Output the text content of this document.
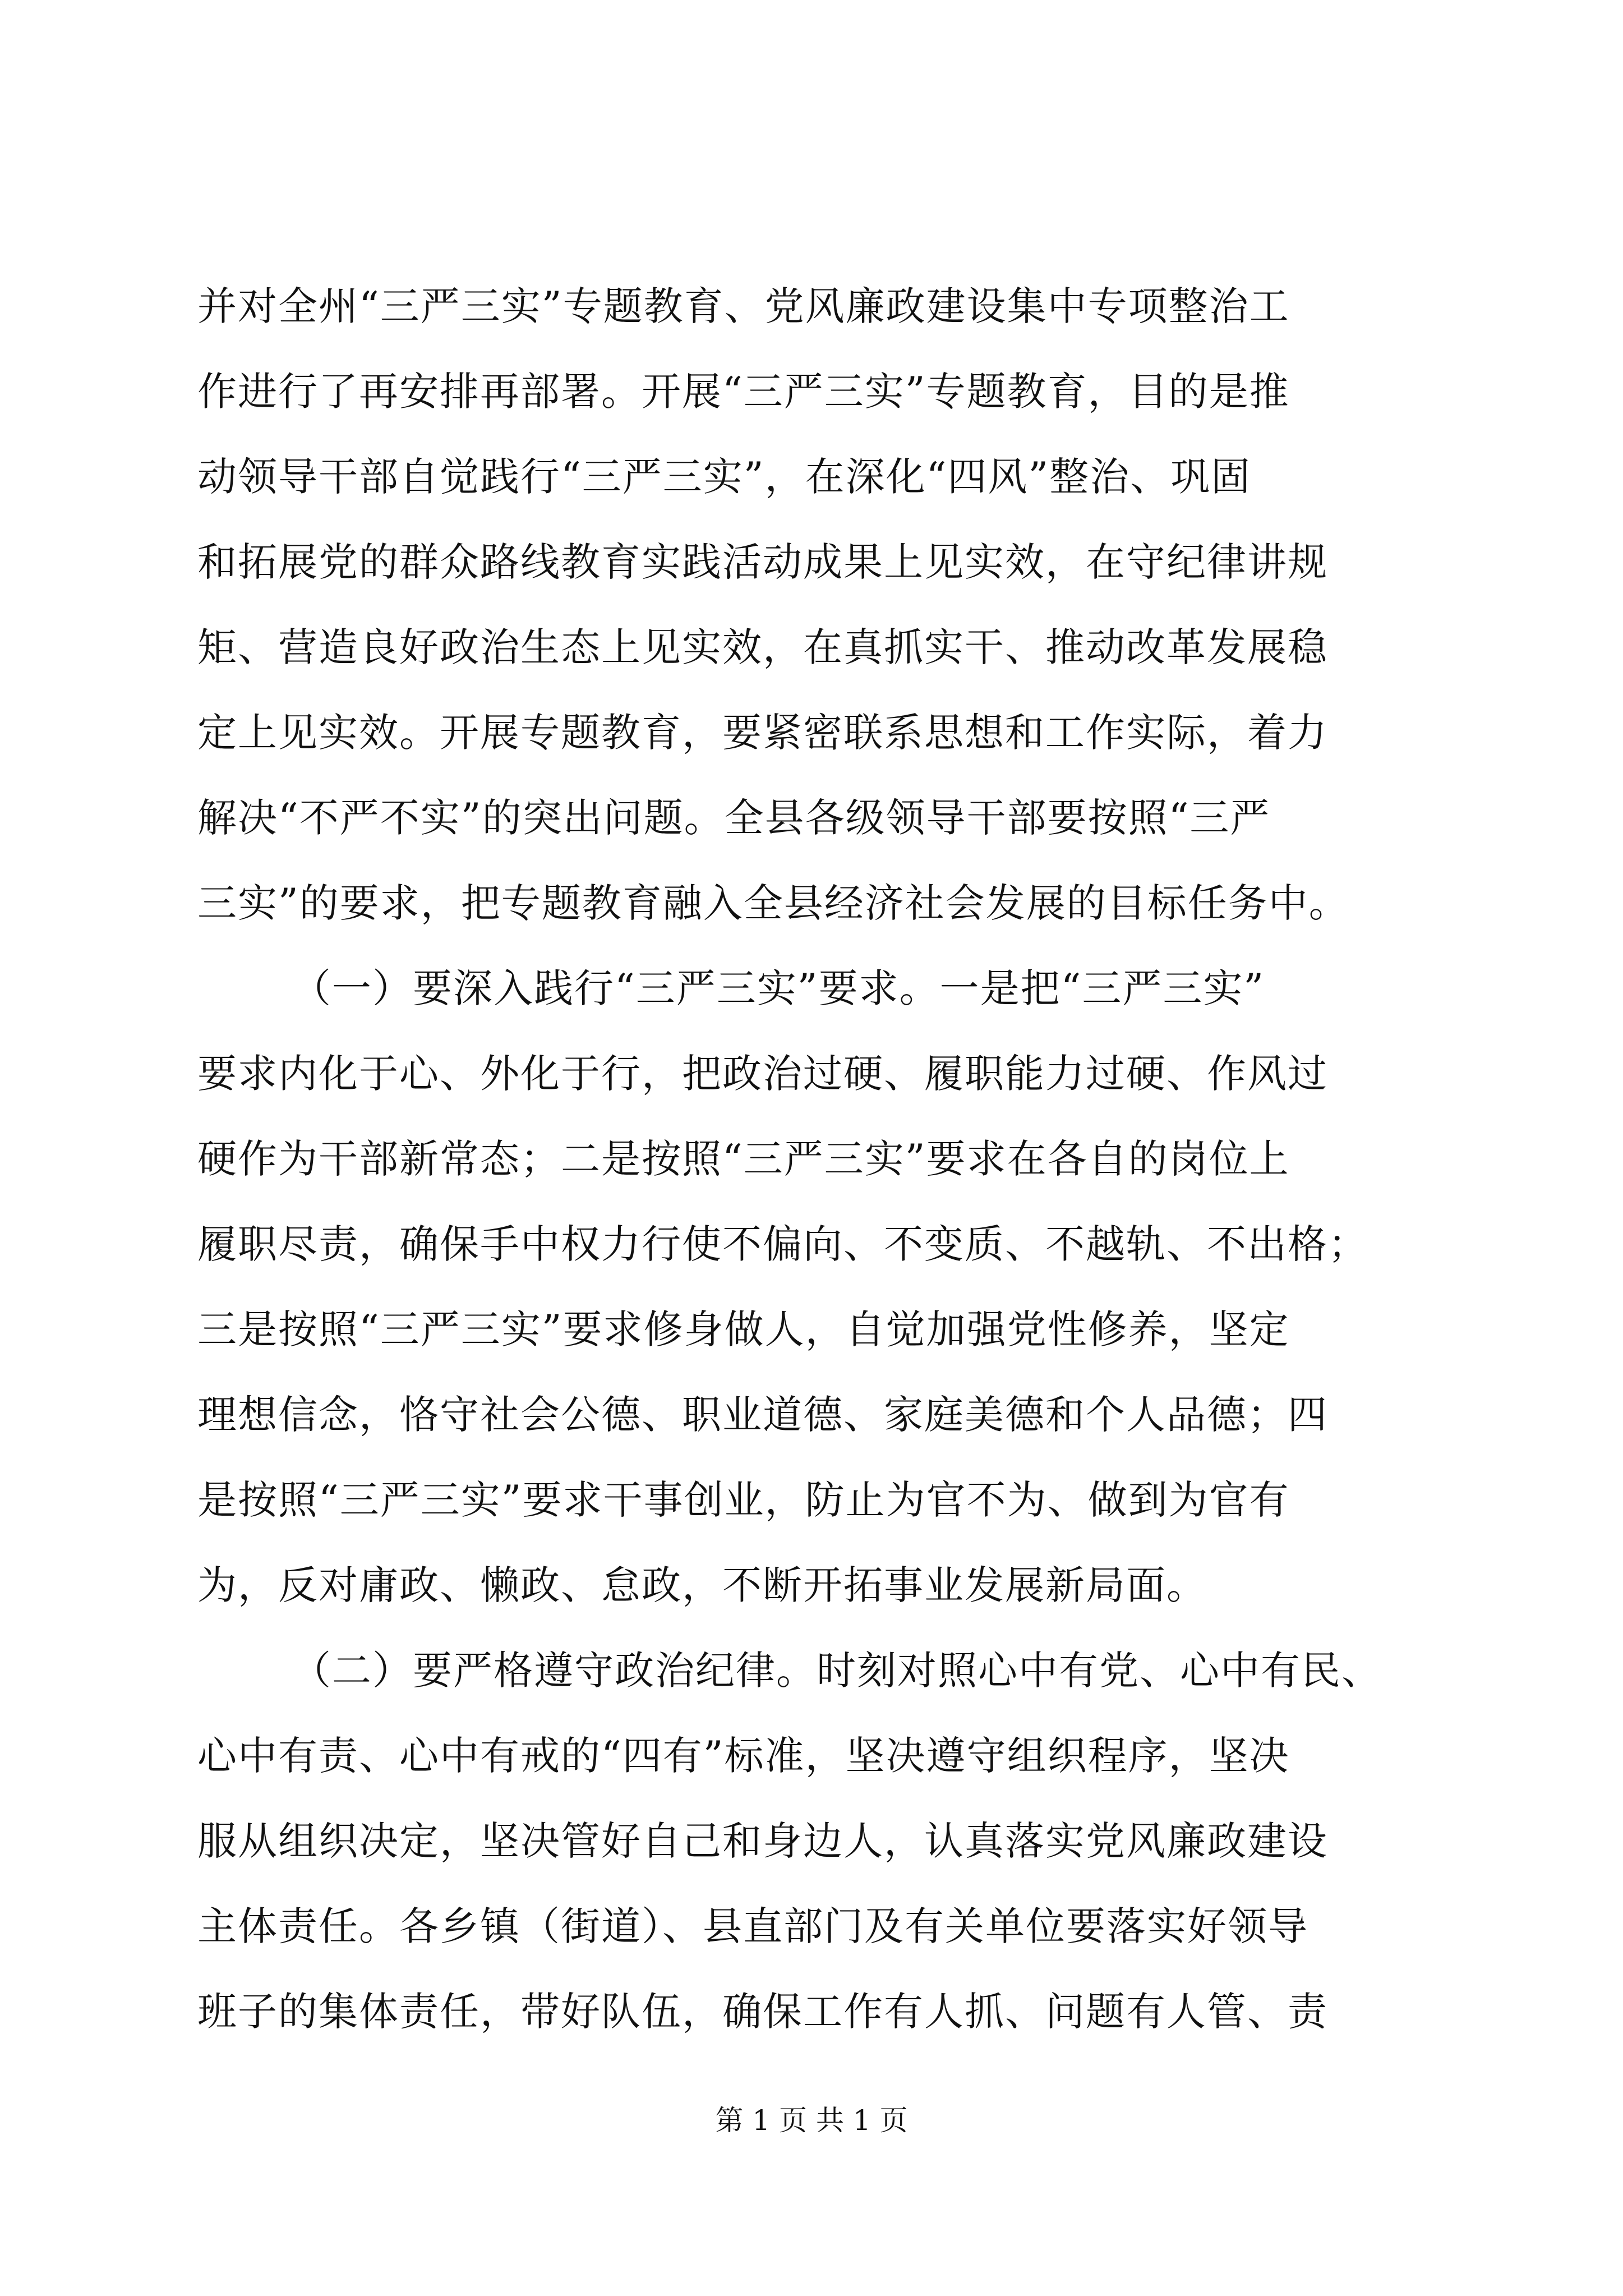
并对全州“三严三实”专题教育、党风廉政建设集中专项整治工
作进行了再安排再部署。开展“三严三实”专题教育，目的是推
动领导干部自觉践行“三严三实”，在深化“四风”整治、巩固
和拓展党的群众路线教育实践活动成果上见实效，在守纪律讲规
矩、营造良好政治生态上见实效，在真抓实干、推动改革发展稳
定上见实效。开展专题教育，要紧密联系思想和工作实际，着力
解决“不严不实”的突出问题。全县各级领导干部要按照“三严
三实”的要求，把专题教育融入全县经济社会发展的目标任务中。
（一）要深入践行“三严三实”要求。一是把“三严三实”
要求内化于心、外化于行，把政治过硬、履职能力过硬、作风过
硬作为干部新常态；二是按照“三严三实”要求在各自的岗位上
履职尽责，确保手中权力行使不偏向、不变质、不越轨、不出格；
三是按照“三严三实”要求修身做人，自觉加强党性修养，坚定
理想信念，恪守社会公德、职业道德、家庭美德和个人品德；四
是按照“三严三实”要求干事创业，防止为官不为、做到为官有
为，反对庸政、懒政、怠政，不断开拓事业发展新局面。
（二）要严格遵守政治纪律。时刻对照心中有党、心中有民、
心中有责、心中有戒的“四有”标准，坚决遵守组织程序，坚决
服从组织决定，坚决管好自己和身边人，认真落实党风廉政建设
主体责任。各乡镇（街道）、县直部门及有关单位要落实好领导
班子的集体责任，带好队伍，确保工作有人抓、问题有人管、责
第 1 页 共 1 页
